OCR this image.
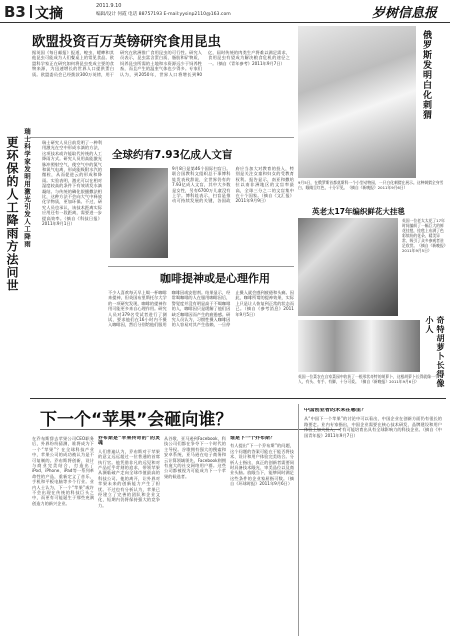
B3 文摘	2011.9.10
编辑/设计 何霞 电话 88757193 E-mail:yysinp2110@163.com	岁树信息报
欧盟投资百万英镑研究食用昆虫
据英国《每日邮报》报道，蝗虫、蟋蟀和其他昆虫可能成为人们餐桌上的常见食品。欧盟科学家正在研究如何将昆虫变成主要的食物来源，为迅速增长的世界人口提供蛋白质。欧盟委员会已经拨款300万英镑，用于研究在欧洲推广食用昆虫的可行性。研究人员表示，昆虫富含蛋白质、脂肪和矿物质，饲养昆虫所需的土地和水资源远少于饲养牲畜，而且产生的温室气体也少得多。专家们认为，到2050年，世界人口将增长到90亿，届时传统的肉类生产将难以满足需求，食用昆虫有望成为解决粮食危机的途径之一。（摘自《青年参考》2011年9月7日）	俄罗斯发明白化刺猬
9月5日，在俄罗斯首都莫斯科一个小型动物园，一只白化刺猬在展示。这种刺猬全身雪白，眼睛呈红色，十分罕见。（摘自《新晚报》2011年9月6日）
更环保的人工降雨方法问世 瑞士科学家发明用激光引发人工降雨	瑞士研究人员日前发明了一种利用激光在空中形成水滴的方法，这项技术或许能取代传统的人工降雨方式。研究人员用高能激光脉冲照射空气，使空气中的氮气和氧气电离，形成能吸附水汽的微粒，从而促进云的形成和降雨。实验表明，激光可以在相对湿度较高的条件下有效诱发水滴凝结。与传统的碘化银播撒法相比，这种方法不会向大气中释放化学物质，更加环保。不过，研究人员也承认，该技术距离实际应用还有一段距离，需要进一步提高效率。（摘自《科技日报》2011年9月1日）
全球约有7.93亿成人文盲
9月8日是第46个国际扫盲日。联合国教科文组织总干事博科娃发表致辞说，全世界仍有约7.93亿成人文盲，其中大多数是女性，另有6700万儿童没有上学。博科娃表示，扫盲是推动可持续发展的关键，各国政府应当加大对教育的投入，特别是关注女童和妇女的受教育权利。报告显示，南亚和撒哈拉以南非洲地区的文盲率最高，全球三分之二的文盲集中在十个国家。（摘自《文汇报》2011年9月9日）
咖啡提神或是心理作用
不少人喜欢每天早上喝一杯咖啡来提神，但英国布里斯托尔大学的一项研究发现，咖啡的提神作用可能更多来自心理作用。研究人员对379名受试者进行了测试，要求他们在16小时内不摄入咖啡因，然后分别给他们服用咖啡因或安慰剂。结果显示，经常喝咖啡的人在服用咖啡因后，警觉度并没有明显高于不喝咖啡的人，咖啡因只是缓解了他们因缺乏咖啡因而产生的疲倦感。研究人员认为，习惯性摄入咖啡因的人容易对其产生依赖，一旦停止摄入就会感到疲倦和头痛。因此，咖啡所谓的提神效果，实际上只是让人恢复到正常的状态而已。（摘自《参考消息》2011年9月5日）
英老太17年编织鲜花大挂毯
英国一位老太太花了17年时间编织了一幅巨大的鲜花挂毯，挂毯上布满了色彩缤纷的花朵，精美异常，吸引了众多参观者驻足欣赏。（摘自《新晚报》2011年9月5日）
奇特胡萝卜长得像小人
英国一位菜农在自家菜园中收获了一根形状奇特的胡萝卜，这根胡萝卜长得就像一个小人，有头、有手、有脚，十分可爱。（摘自《新晚报》2011年9月6日）
下一个“苹果”会砸向谁？
在乔布斯辞去苹果公司CEO职务后，外界纷纷猜测，谁将成为下一个“苹果”？在全球科技产业中，苹果公司的成功被认为是不可复制的。乔布斯将创新、设计与商业完美结合，打造出了iPod、iPhone、iPad等一系列革命性的产品，重新定义了音乐、手机和平板电脑等多个行业。业内人士认为，下一个“苹果”或许不会出现在传统的科技巨头之中，而更有可能诞生于那些充满创造力的新兴企业。
乔布斯是“苹果传奇的”的灵魂
人们普遍认为，乔布斯对于苹果的意义远远超过一位普通的首席执行官。他凭借非凡的远见和对产品近乎苛刻的追求，带领苹果从濒临破产走向全球市值最高的科技公司。他的离开，让外界对苹果未来的创新能力产生了担忧。不过也有分析认为，苹果已经建立了完善的团队和企业文化，短期内仍将保持强大的竞争力。
从谷歌、亚马逊到Facebook，科技公司们都在争夺下一个时代的主导权。谷歌拥有强大的搜索和安卓系统，亚马逊在电子商务和云计算领域领先，Facebook则拥有庞大的社交网络用户群。这些公司都被视为可能成为下一个苹果的候选者。
谁是下一个乔布斯？
有人提出“下一个乔布斯”的问题，这个问题的答案可能在于能否将技术、设计和用户体验完美结合。分析人士指出，真正的创新者需要同时具备技术眼光、审美品位以及商业头脑。放眼当下，能够同时满足这些条件的企业家屈指可数。（摘自《环球时报》2011年9月6日）
中国创业者的未来在哪里？
从“中国下一个苹果”的讨论中可以看出，中国企业在创新方面仍有很长的路要走。业内专家指出，中国企业需要在核心技术研发、品牌建设和用户体验上加大投入，才有可能培育出具有全球影响力的科技企业。（摘自《中国青年报》2011年9月7日）
